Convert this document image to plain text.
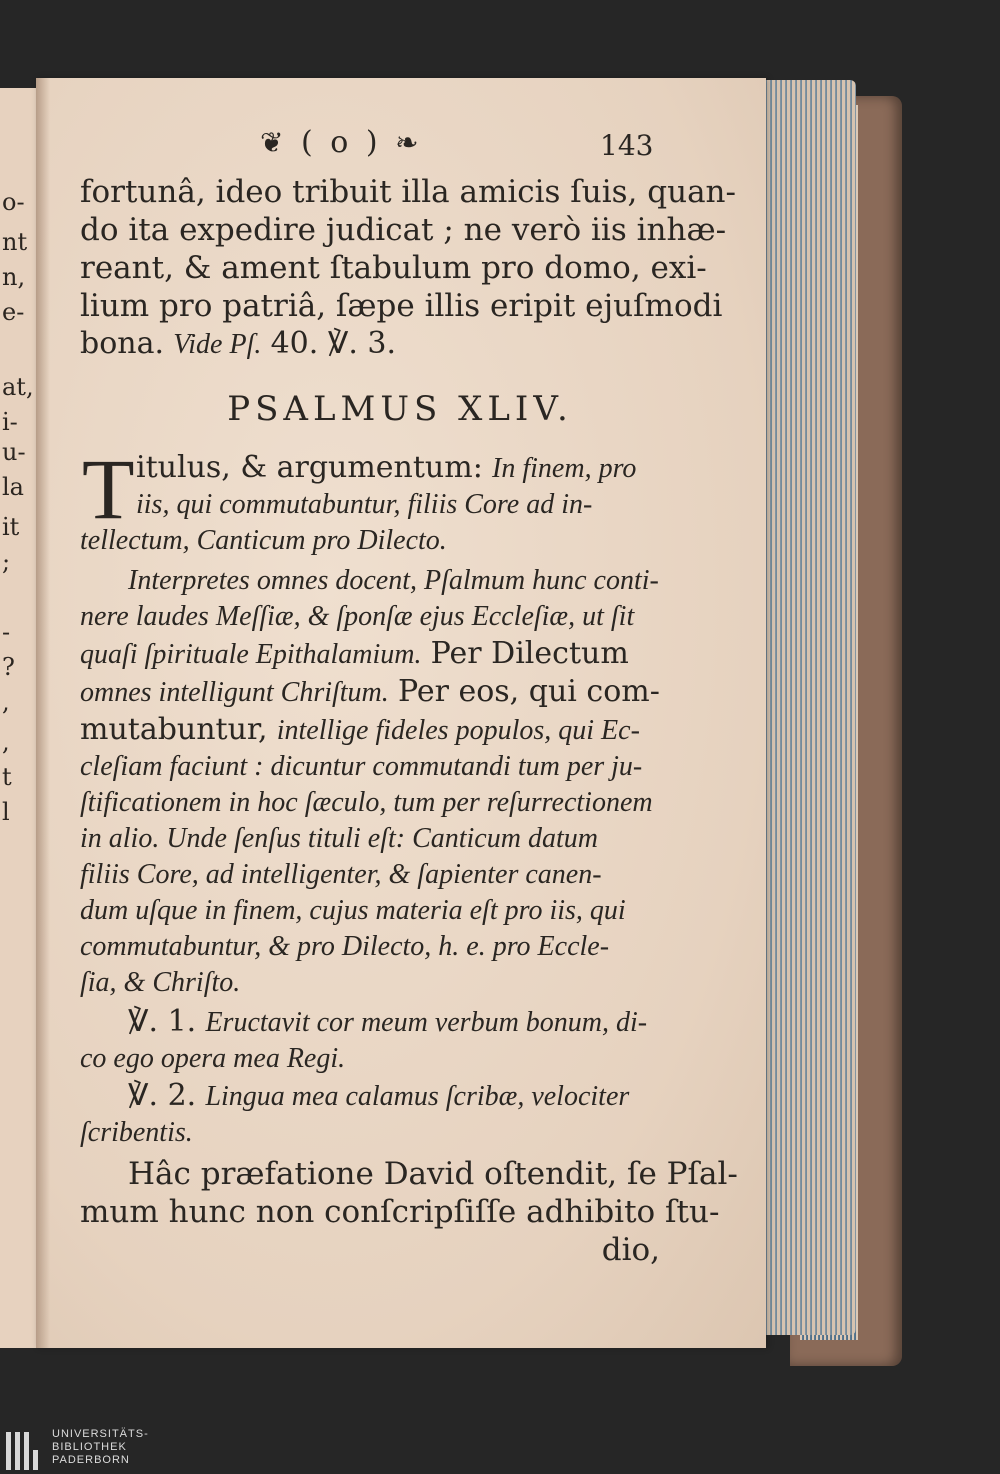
o-
nt
n,
e-
at,
i-
u-
la
it
;
-
?
,
,
t
l
❦ ( o ) ❧	143

fortunâ, ideo tribuit illa amicis ſuis, quan-

do ita expedire judicat ; ne verò iis inhæ-

reant, & ament ſtabulum pro domo, exi-

lium pro patriâ, ſæpe illis eripit ejuſmodi

bona. Vide Pſ. 40. ℣. 3.

PSALMUS XLIV.
T itulus, & argumentum: In finem, pro

iis, qui commutabuntur, filiis Core ad in-

tellectum, Canticum pro Dilecto.

Interpretes omnes docent, Pſalmum hunc conti-

nere laudes Meſſiæ, & ſponſæ ejus Eccleſiæ, ut ſit

quaſi ſpirituale Epithalamium. Per Dilectum

omnes intelligunt Chriſtum. Per eos, qui com-

mutabuntur, intellige fideles populos, qui Ec-

cleſiam faciunt : dicuntur commutandi tum per ju-

ſtificationem in hoc ſæculo, tum per reſurrectionem

in alio. Unde ſenſus tituli eſt: Canticum datum

filiis Core, ad intelligenter, & ſapienter canen-

dum uſque in finem, cujus materia eſt pro iis, qui

commutabuntur, & pro Dilecto, h. e. pro Eccle-

ſia, & Chriſto.

℣. 1. Eructavit cor meum verbum bonum, di-

co ego opera mea Regi.

℣. 2. Lingua mea calamus ſcribæ, velociter

ſcribentis.

Hâc præfatione David oſtendit, ſe Pſal-

mum hunc non conſcripſiſſe adhibito ſtu-

dio,

UNIVERSITÄTS-
BIBLIOTHEK
PADERBORN
